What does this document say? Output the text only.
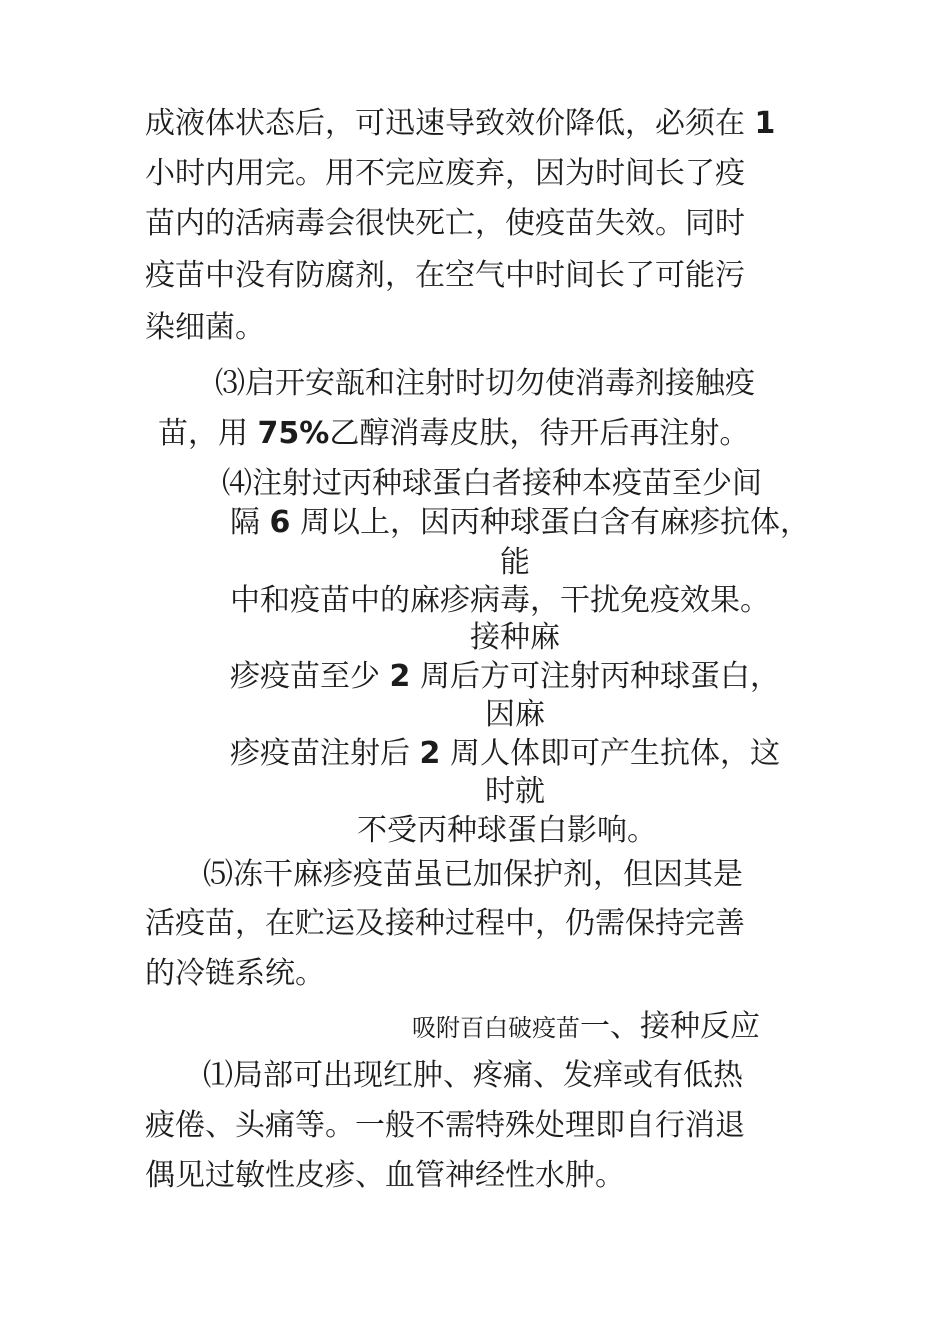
成液体状态后，可迅速导致效价降低，必须在 1
小时内用完。用不完应废弃，因为时间长了疫
苗内的活病毒会很快死亡，使疫苗失效。同时
疫苗中没有防腐剂，在空气中时间长了可能污
染细菌。
⑶启开安瓿和注射时切勿使消毒剂接触疫
苗，用 75%乙醇消毒皮肤，待开后再注射。
⑷注射过丙种球蛋白者接种本疫苗至少间
隔 6 周以上，因丙种球蛋白含有麻疹抗体，
能
中和疫苗中的麻疹病毒，干扰免疫效果。
接种麻
疹疫苗至少 2 周后方可注射丙种球蛋白，
因麻
疹疫苗注射后 2 周人体即可产生抗体，这
时就
不受丙种球蛋白影响。
⑸冻干麻疹疫苗虽已加保护剂，但因其是
活疫苗，在贮运及接种过程中，仍需保持完善
的冷链系统。
吸附百白破疫苗一、接种反应
⑴局部可出现红肿、疼痛、发痒或有低热
疲倦、头痛等。一般不需特殊处理即自行消退
偶见过敏性皮疹、血管神经性水肿。
